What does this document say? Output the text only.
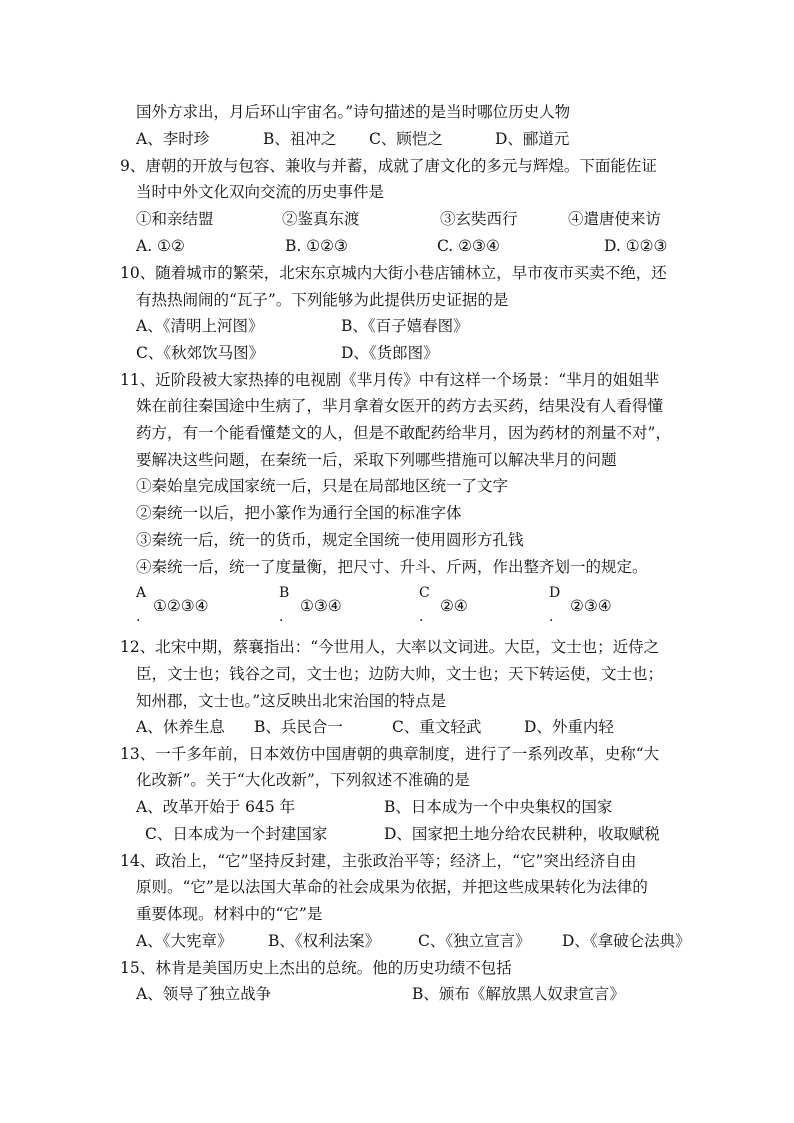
国外方求出，月后环山宇宙名。”诗句描述的是当时哪位历史人物
A、李时珍	B、祖冲之 C、顾恺之	D、郦道元
9、唐朝的开放与包容、兼收与并蓄，成就了唐文化的多元与辉煌。下面能佐证
当时中外文化双向交流的历史事件是
①和亲结盟	②鉴真东渡	③玄奘西行	④遣唐使来访
A. ①②	B. ①②③	C. ②③④	D. ①②③
10、随着城市的繁荣，北宋东京城内大街小巷店铺林立，早市夜市买卖不绝，还
有热热闹闹的“瓦子”。下列能够为此提供历史证据的是
A、《清明上河图》	B、《百子嬉春图》
C、《秋郊饮马图》	D、《货郎图》
11、近阶段被大家热捧的电视剧《芈月传》中有这样一个场景：“芈月的姐姐芈
姝在前往秦国途中生病了，芈月拿着女医开的药方去买药，结果没有人看得懂
药方，有一个能看懂楚文的人，但是不敢配药给芈月，因为药材的剂量不对”，
要解决这些问题，在秦统一后，采取下列哪些措施可以解决芈月的问题
①秦始皇完成国家统一后，只是在局部地区统一了文字
②秦统一以后，把小篆作为通行全国的标准字体
③秦统一后，统一的货币，规定全国统一使用圆形方孔钱
④秦统一后，统一了度量衡，把尺寸、升斗、斤两，作出整齐划一的规定。
A
.
①②③④
B
.
①③④
C
.
②④
D
.
②③④
12、北宋中期，蔡襄指出：“今世用人，大率以文词进。大臣，文士也；近侍之
臣，文士也；钱谷之司，文士也；边防大帅，文士也；天下转运使，文士也；
知州郡，文士也。”这反映出北宋治国的特点是
A、休养生息 B、兵民合一	C、重文轻武	D、外重内轻
13、一千多年前，日本效仿中国唐朝的典章制度，进行了一系列改革，史称“大
化改新”。关于“大化改新”，下列叙述不准确的是
A、改革开始于 645 年	B、日本成为一个中央集权的国家
C、日本成为一个封建国家	D、国家把土地分给农民耕种，收取赋税
14、政治上，“它”坚持反封建，主张政治平等；经济上，“它”突出经济自由
原则。“它”是以法国大革命的社会成果为依据，并把这些成果转化为法律的
重要体现。材料中的“它”是
A、《大宪章》 B、《权利法案》 C、《独立宣言》 D、《拿破仑法典》
15、林肯是美国历史上杰出的总统。他的历史功绩不包括
A、领导了独立战争	B、颁布《解放黑人奴隶宣言》
